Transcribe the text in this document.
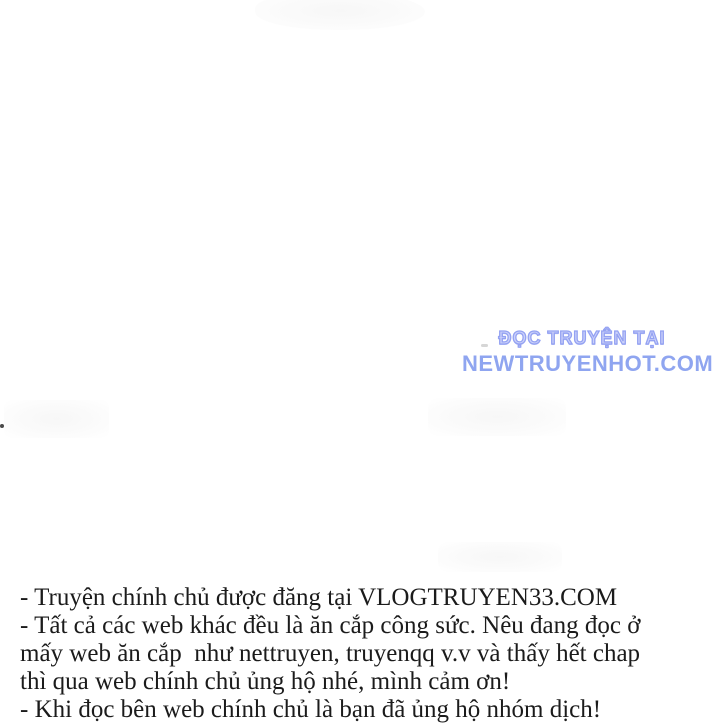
ĐỌC TRUYỆN TẠI
NEWTRUYENHOT.COM
- Truyện chính chủ được đăng tại VLOGTRUYEN33.COM
- Tất cả các web khác đều là ăn cắp công sức. Nêu đang đọc ở
mấy web ăn cắp  như nettruyen, truyenqq v.v và thấy hết chap
thì qua web chính chủ ủng hộ nhé, mình cảm ơn!
- Khi đọc bên web chính chủ là bạn đã ủng hộ nhóm dịch!
